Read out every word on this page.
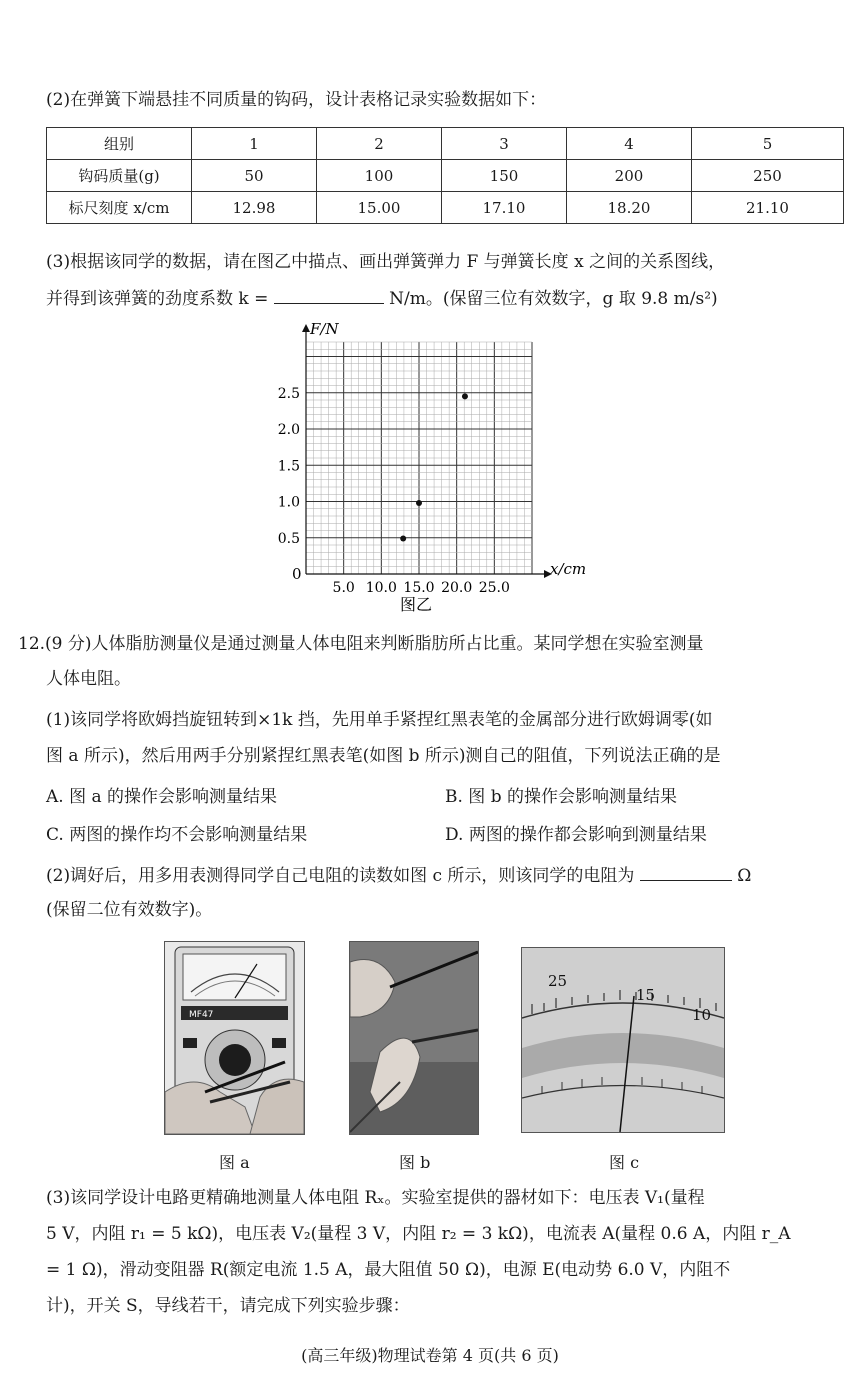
(2)在弹簧下端悬挂不同质量的钩码，设计表格记录实验数据如下：
组别	1	2	3	4	5
钩码质量(g)	50	100	150	200	250
标尺刻度 x/cm	12.98	15.00	17.10	18.20	21.10
(3)根据该同学的数据，请在图乙中描点、画出弹簧弹力 F 与弹簧长度 x 之间的关系图线，
并得到该弹簧的劲度系数 k =	N/m。(保留三位有效数字，g 取 9.8 m/s²)
5.0 10.0 15.0 20.0 25.0
0.5
1.0
1.5
2.0
2.5
F/N
x/cm
0
图乙
12.(9 分)人体脂肪测量仪是通过测量人体电阻来判断脂肪所占比重。某同学想在实验室测量
人体电阻。
(1)该同学将欧姆挡旋钮转到×1k 挡，先用单手紧捏红黑表笔的金属部分进行欧姆调零(如
图 a 所示)，然后用两手分别紧捏红黑表笔(如图 b 所示)测自己的阻值，下列说法正确的是
A. 图 a 的操作会影响测量结果	B. 图 b 的操作会影响测量结果
C. 两图的操作均不会影响测量结果	D. 两图的操作都会影响到测量结果
(2)调好后，用多用表测得同学自己电阻的读数如图 c 所示，则该同学的电阻为	Ω
(保留二位有效数字)。
MF47
25
15
10
图 a	图 b	图 c
(3)该同学设计电路更精确地测量人体电阻 Rₓ。实验室提供的器材如下：电压表 V₁(量程
5 V，内阻 r₁ = 5 kΩ)，电压表 V₂(量程 3 V，内阻 r₂ = 3 kΩ)，电流表 A(量程 0.6 A，内阻 r_A
= 1 Ω)，滑动变阻器 R(额定电流 1.5 A，最大阻值 50 Ω)，电源 E(电动势 6.0 V，内阻不
计)，开关 S，导线若干，请完成下列实验步骤：
(高三年级)物理试卷第 4 页(共 6 页)
